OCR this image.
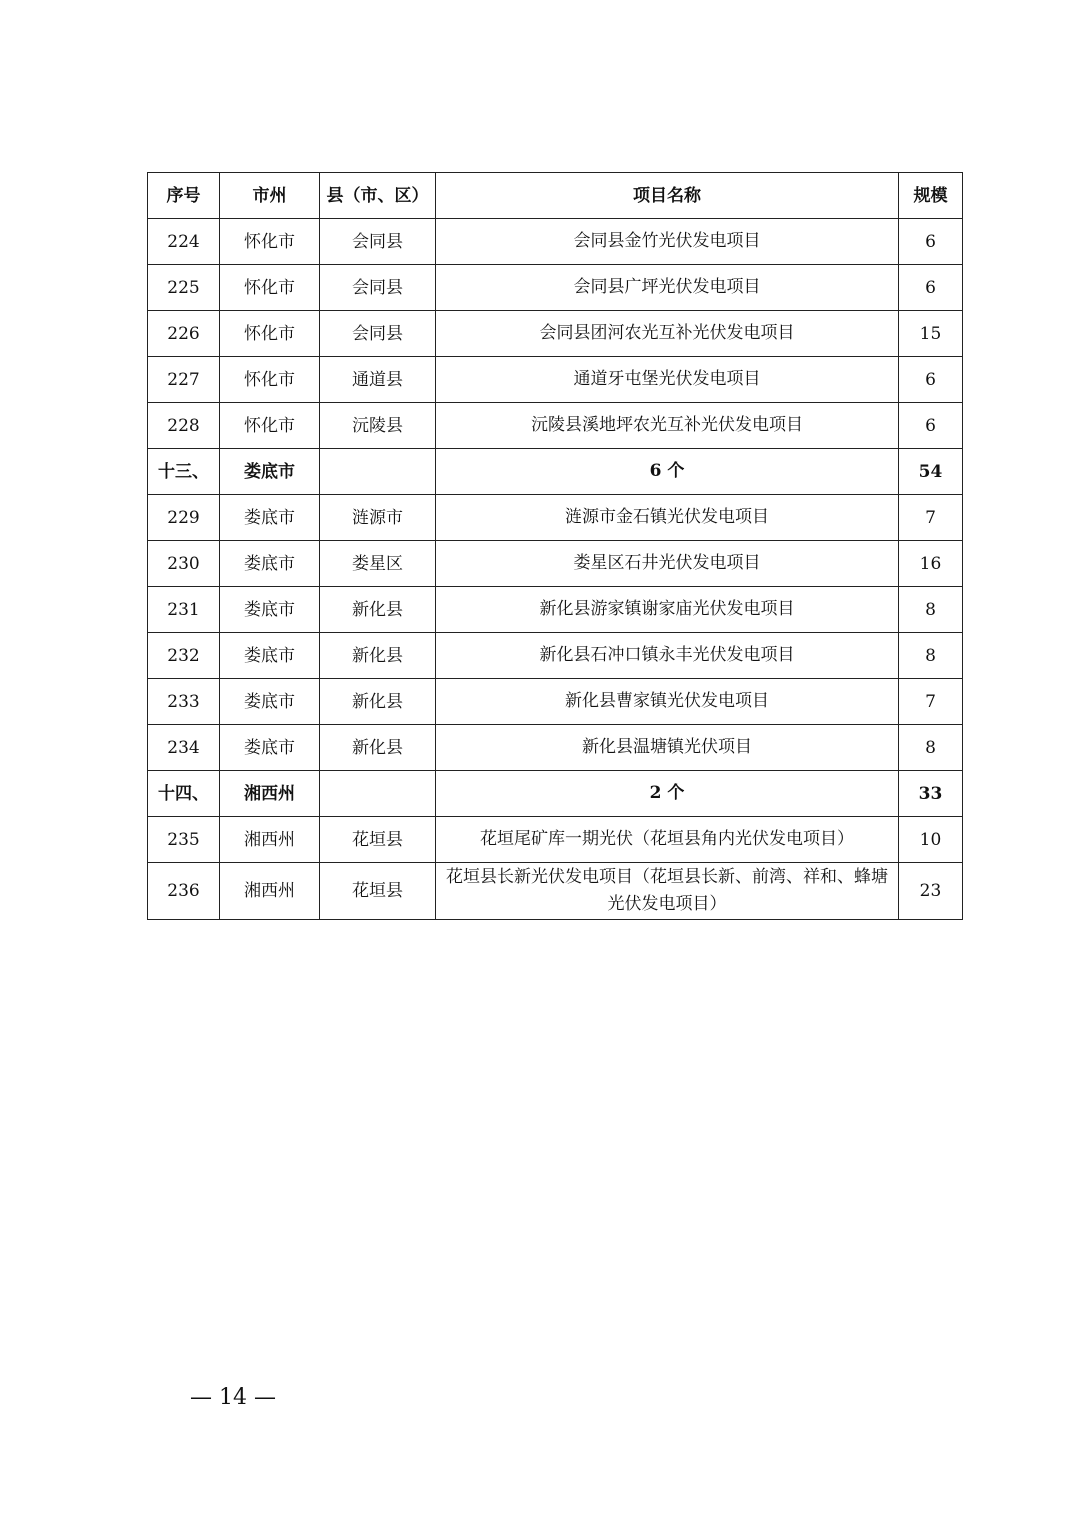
序号	市州	县（市、区）	项目名称	规模
224	怀化市	会同县	会同县金竹光伏发电项目	6
225	怀化市	会同县	会同县广坪光伏发电项目	6
226	怀化市	会同县	会同县团河农光互补光伏发电项目	15
227	怀化市	通道县	通道牙屯堡光伏发电项目	6
228	怀化市	沅陵县	沅陵县溪地坪农光互补光伏发电项目	6
十三、	娄底市		6 个	54
229	娄底市	涟源市	涟源市金石镇光伏发电项目	7
230	娄底市	娄星区	娄星区石井光伏发电项目	16
231	娄底市	新化县	新化县游家镇谢家庙光伏发电项目	8
232	娄底市	新化县	新化县石冲口镇永丰光伏发电项目	8
233	娄底市	新化县	新化县曹家镇光伏发电项目	7
234	娄底市	新化县	新化县温塘镇光伏项目	8
十四、	湘西州		2 个	33
235	湘西州	花垣县	花垣尾矿库一期光伏（花垣县角内光伏发电项目）	10
236	湘西州	花垣县	花垣县长新光伏发电项目（花垣县长新、前湾、祥和、蜂塘光伏发电项目）	23
— 14 —
